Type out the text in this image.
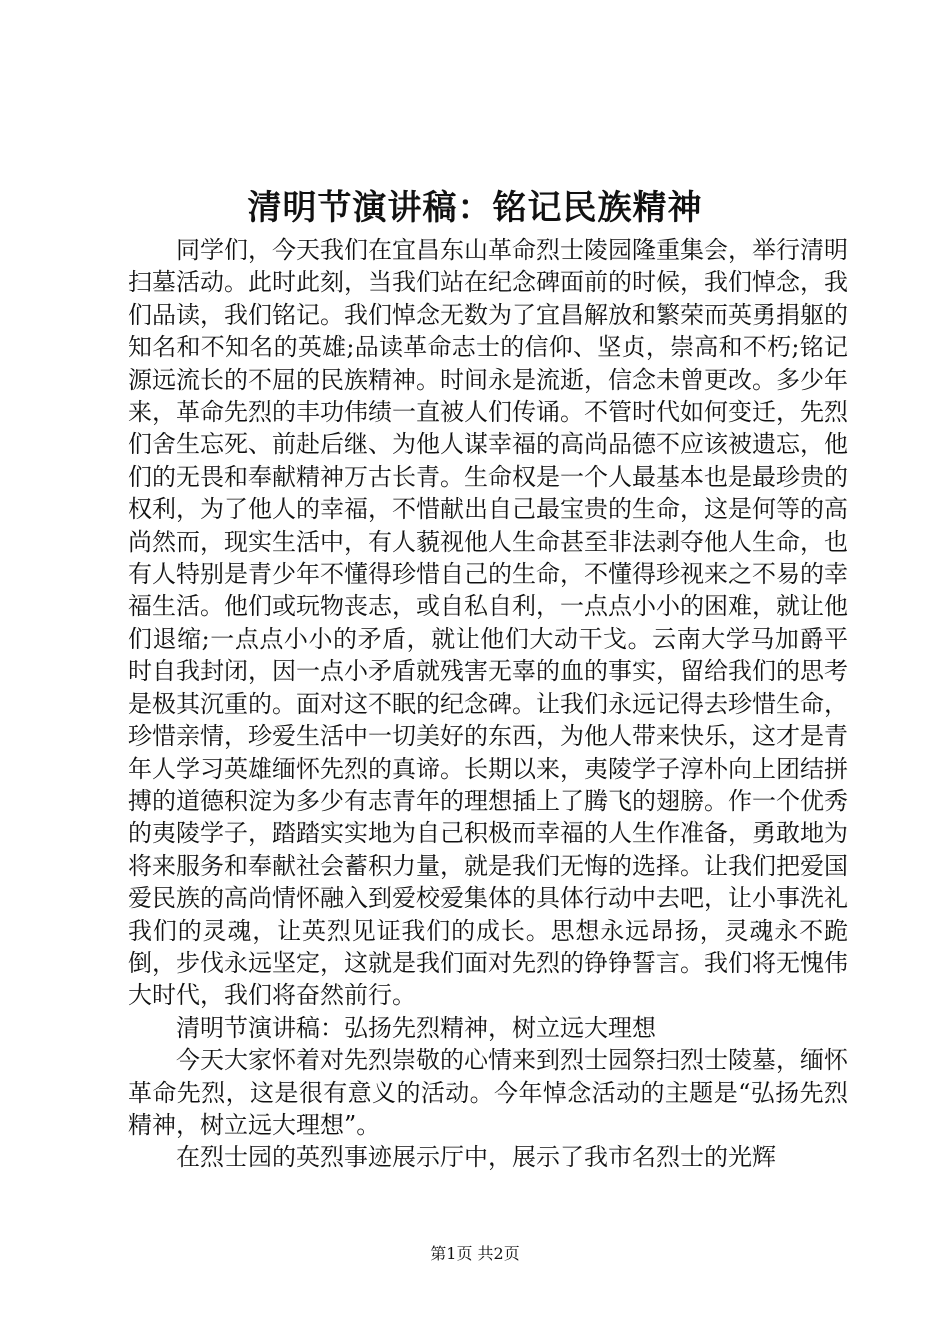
清明节演讲稿：铭记民族精神

同学们，今天我们在宜昌东山革命烈士陵园隆重集会，举行清明扫墓活动。此时此刻，当我们站在纪念碑面前的时候，我们悼念，我们品读，我们铭记。我们悼念无数为了宜昌解放和繁荣而英勇捐躯的知名和不知名的英雄;品读革命志士的信仰、坚贞，崇高和不朽;铭记源远流长的不屈的民族精神。时间永是流逝，信念未曾更改。多少年来，革命先烈的丰功伟绩一直被人们传诵。不管时代如何变迁，先烈们舍生忘死、前赴后继、为他人谋幸福的高尚品德不应该被遗忘，他们的无畏和奉献精神万古长青。生命权是一个人最基本也是最珍贵的权利，为了他人的幸福，不惜献出自己最宝贵的生命，这是何等的高尚然而，现实生活中，有人藐视他人生命甚至非法剥夺他人生命，也有人特别是青少年不懂得珍惜自己的生命，不懂得珍视来之不易的幸福生活。他们或玩物丧志，或自私自利，一点点小小的困难，就让他们退缩;一点点小小的矛盾，就让他们大动干戈。云南大学马加爵平时自我封闭，因一点小矛盾就残害无辜的血的事实，留给我们的思考是极其沉重的。面对这不眠的纪念碑。让我们永远记得去珍惜生命，珍惜亲情，珍爱生活中一切美好的东西，为他人带来快乐，这才是青年人学习英雄缅怀先烈的真谛。长期以来，夷陵学子淳朴向上团结拼搏的道德积淀为多少有志青年的理想插上了腾飞的翅膀。作一个优秀的夷陵学子，踏踏实实地为自己积极而幸福的人生作准备，勇敢地为将来服务和奉献社会蓄积力量，就是我们无悔的选择。让我们把爱国爱民族的高尚情怀融入到爱校爱集体的具体行动中去吧，让小事洗礼我们的灵魂，让英烈见证我们的成长。思想永远昂扬，灵魂永不跪倒，步伐永远坚定，这就是我们面对先烈的铮铮誓言。我们将无愧伟大时代，我们将奋然前行。

清明节演讲稿：弘扬先烈精神，树立远大理想

今天大家怀着对先烈崇敬的心情来到烈士园祭扫烈士陵墓，缅怀革命先烈，这是很有意义的活动。今年悼念活动的主题是“弘扬先烈精神，树立远大理想”。

在烈士园的英烈事迹展示厅中，展示了我市名烈士的光辉

第1页 共2页
